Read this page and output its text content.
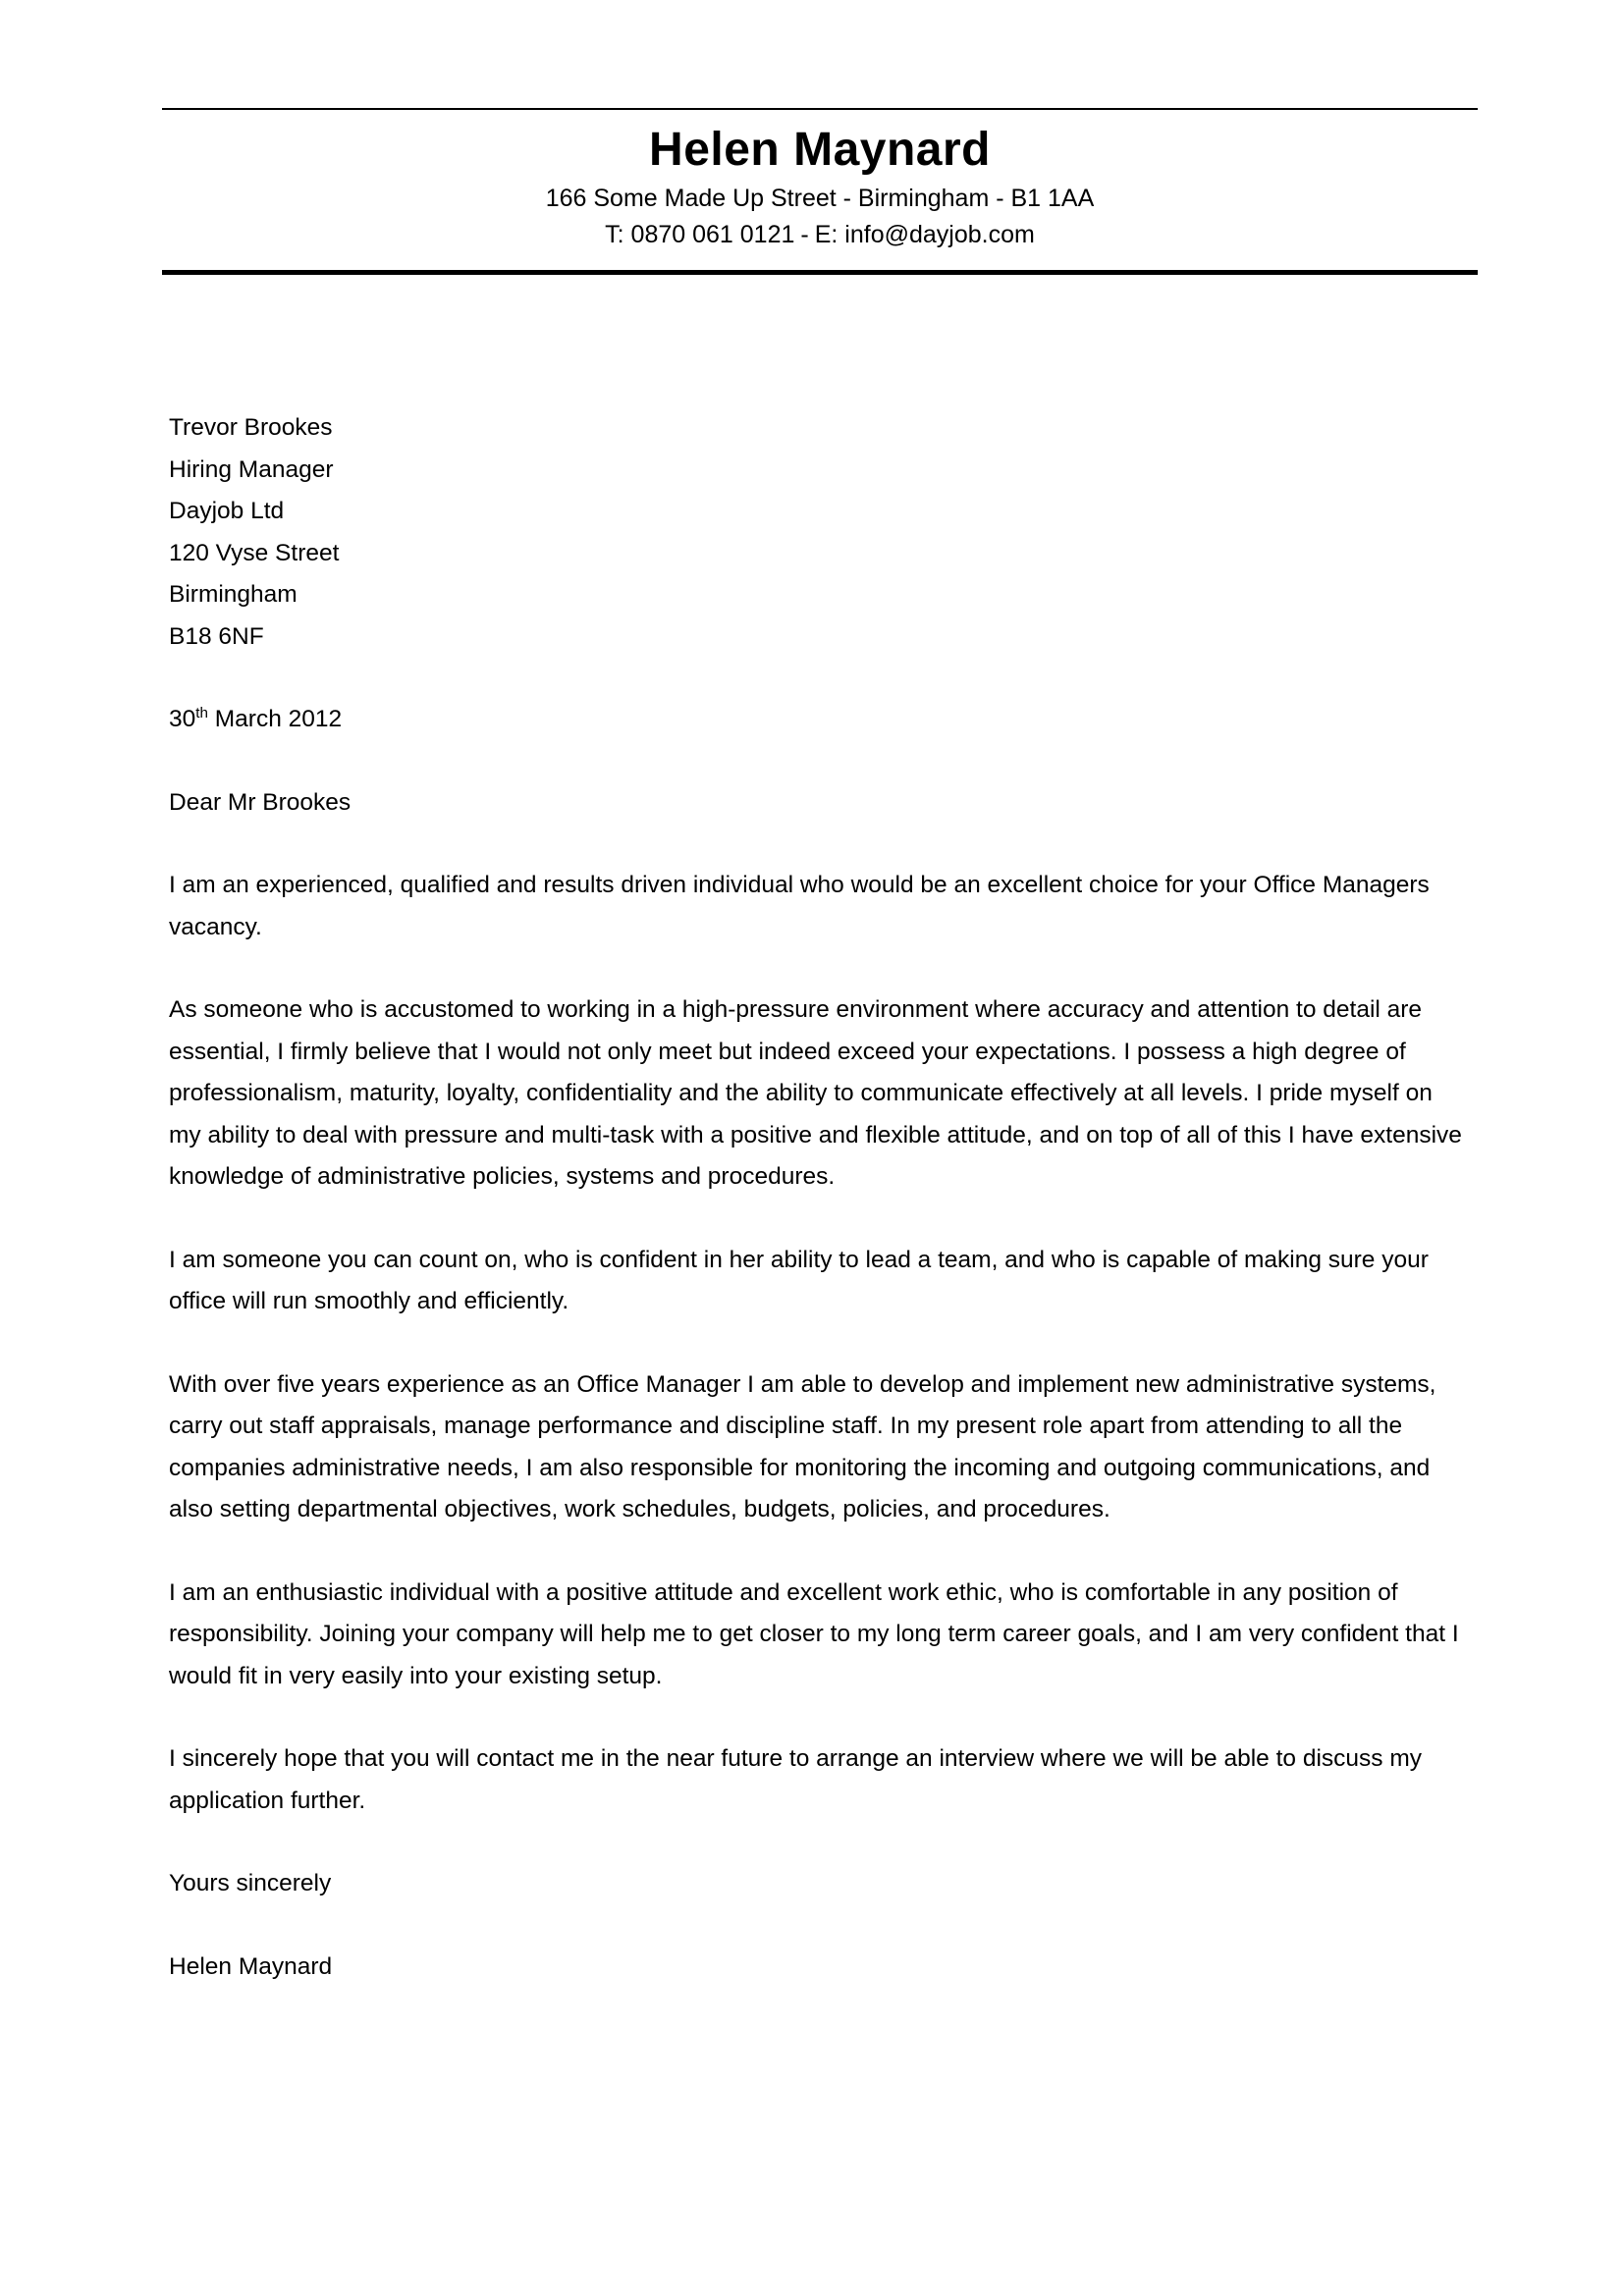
Helen Maynard
166 Some Made Up Street - Birmingham - B1 1AA
T: 0870 061 0121 - E: info@dayjob.com
Trevor Brookes
Hiring Manager
Dayjob Ltd
120 Vyse Street
Birmingham
B18 6NF
30th March 2012
Dear Mr Brookes
I am an experienced, qualified and results driven individual who would be an excellent choice for your Office Managers vacancy.
As someone who is accustomed to working in a high-pressure environment where accuracy and attention to detail are essential, I firmly believe that I would not only meet but indeed exceed your expectations. I possess a high degree of professionalism, maturity, loyalty, confidentiality and the ability to communicate effectively at all levels. I pride myself on my ability to deal with pressure and multi-task with a positive and flexible attitude, and on top of all of this I have extensive knowledge of administrative policies, systems and procedures.
I am someone you can count on, who is confident in her ability to lead a team, and who is capable of making sure your office will run smoothly and efficiently.
With over five years experience as an Office Manager I am able to develop and implement new administrative systems, carry out staff appraisals, manage performance and discipline staff. In my present role apart from attending to all the companies administrative needs, I am also responsible for monitoring the incoming and outgoing communications, and also setting departmental objectives, work schedules, budgets, policies, and procedures.
I am an enthusiastic individual with a positive attitude and excellent work ethic, who is comfortable in any position of responsibility. Joining your company will help me to get closer to my long term career goals, and I am very confident that I would fit in very easily into your existing setup.
I sincerely hope that you will contact me in the near future to arrange an interview where we will be able to discuss my application further.
Yours sincerely
Helen Maynard
